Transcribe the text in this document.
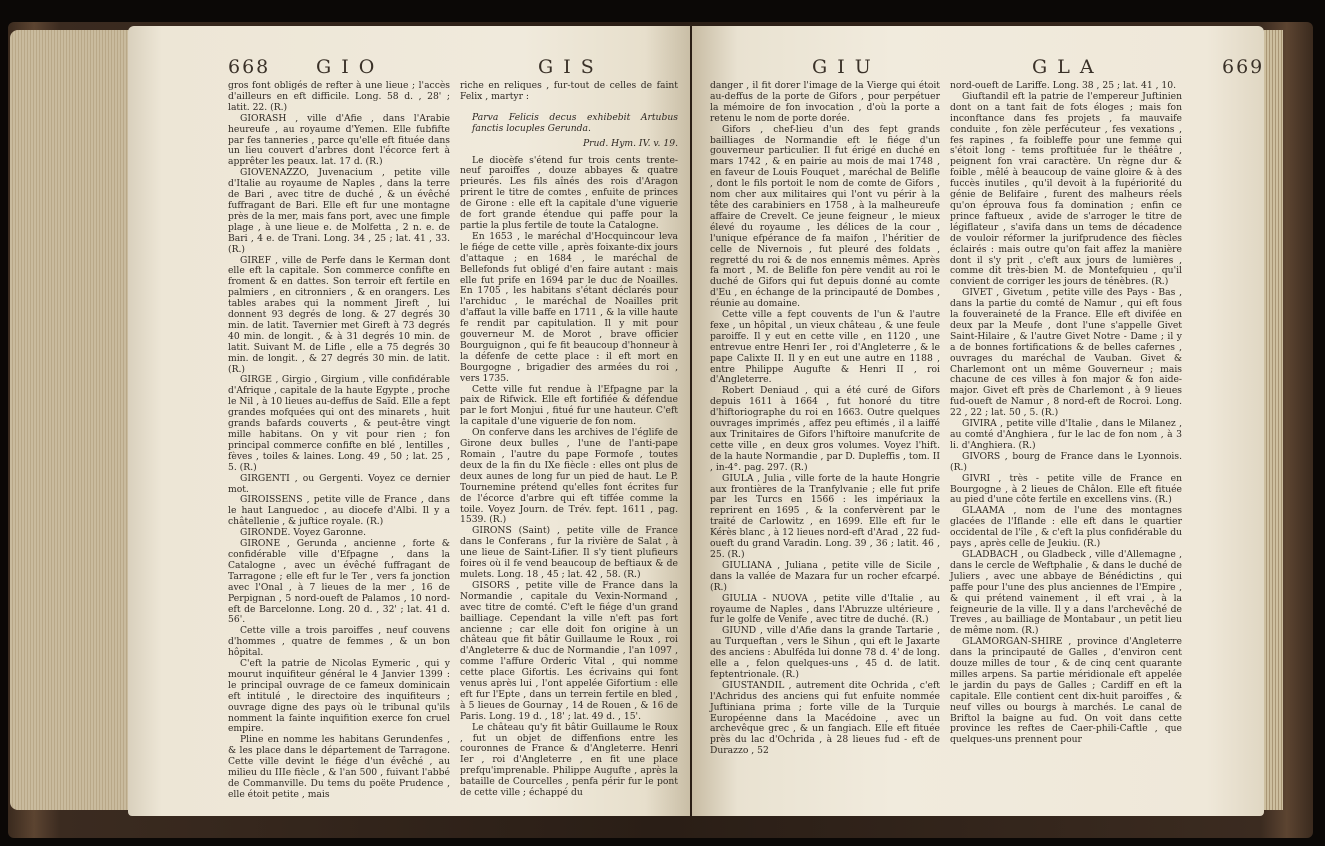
668 G I O	G I S

gros font obligés de refter à une lieue ; l'accès d'ailleurs en eft difficile. Long. 58 d. , 28' ; latit. 22. (R.)

GIORASH , ville d'Afie , dans l'Arabie heureufe , au royaume d'Yemen. Elle fubfifte par fes tanneries , parce qu'elle eft fituée dans un lieu couvert d'arbres dont l'écorce fert à apprêter les peaux. lat. 17 d. (R.)

GIOVENAZZO, Juvenacium , petite ville d'Italie au royaume de Naples , dans la terre de Bari , avec titre de duché , & un évêché fuffragant de Bari. Elle eft fur une montagne près de la mer, mais fans port, avec une fimple plage , à une lieue e. de Molfetta , 2 n. e. de Bari , 4 e. de Trani. Long. 34 , 25 ; lat. 41 , 33. (R.)

GIREF , ville de Perfe dans le Kerman dont elle eft la capitale. Son commerce confifte en froment & en dattes. Son terroir eft fertile en palmiers , en citronniers , & en orangers. Les tables arabes qui la nomment Jireft , lui donnent 93 degrés de long. & 27 degrés 30 min. de latit. Tavernier met Gireft à 73 degrés 40 min. de longit. , & à 31 degrés 10 min. de latit. Suivant M. de Lifle , elle a 75 degrés 30 min. de longit. , & 27 degrés 30 min. de latit. (R.)

GIRGE , Girgio , Girgium , ville confidérable d'Afrique , capitale de la haute Egypte , proche le Nil , à 10 lieues au-deffus de Saïd. Elle a fept grandes mofquées qui ont des minarets , huit grands bafards couverts , & peut-être vingt mille habitans. On y vit pour rien ; fon principal commerce confifte en blé , lentilles , fèves , toiles & laines. Long. 49 , 50 ; lat. 25 , 5. (R.)

GIRGENTI , ou Gergenti. Voyez ce dernier mot.

GIROISSENS , petite ville de France , dans le haut Languedoc , au diocefe d'Albi. Il y a châtellenie , & juftice royale. (R.)

GIRONDE. Voyez Garonne.

GIRONE , Gerunda , ancienne , forte & confidérable ville d'Efpagne , dans la Catalogne , avec un évêché fuffragant de Tarragone ; elle eft fur le Ter , vers fa jonction avec l'Onal , à 7 lieues de la mer , 16 de Perpignan , 5 nord-oueft de Palamos , 10 nord-eft de Barcelonne. Long. 20 d. , 32' ; lat. 41 d. 56'.

Cette ville a trois paroiffes , neuf couvens d'hommes , quatre de femmes , & un bon hôpital.

C'eft la patrie de Nicolas Eymeric , qui y mourut inquifiteur général le 4 Janvier 1399 : le principal ouvrage de ce fameux dominicain eft intitulé , le directoire des inquifiteurs ; ouvrage digne des pays où le tribunal qu'ils nomment la fainte inquifition exerce fon cruel empire.

Pline en nomme les habitans Gerundenfes , & les place dans le département de Tarragone. Cette ville devint le fiége d'un évêché , au milieu du IIIe fiècle , & l'an 500 , fuivant l'abbé de Commanville. Du tems du poëte Prudence , elle étoit petite , mais

riche en reliques , fur-tout de celles de faint Felix , martyr :

Parva Felicis decus exhibebit Artubus fanctis locuples Gerunda.

Prud. Hym. IV. v. 19.

Le diocèfe s'étend fur trois cents trente-neuf paroiffes , douze abbayes & quatre prieurés. Les fils aînés des rois d'Aragon prirent le titre de comtes , enfuite de princes de Girone : elle eft la capitale d'une viguerie de fort grande étendue qui paffe pour la partie la plus fertile de toute la Catalogne.

En 1653 , le maréchal d'Hocquincour leva le fiége de cette ville , après foixante-dix jours d'attaque ; en 1684 , le maréchal de Bellefonds fut obligé d'en faire autant : mais elle fut prife en 1694 par le duc de Noailles. En 1705 , les habitans s'étant déclarés pour l'archiduc , le maréchal de Noailles prit d'affaut la ville baffe en 1711 , & la ville haute fe rendit par capitulation. Il y mit pour gouverneur M. de Morot , brave officier Bourguignon , qui fe fit beaucoup d'honneur à la défenfe de cette place : il eft mort en Bourgogne , brigadier des armées du roi , vers 1735.

Cette ville fut rendue à l'Efpagne par la paix de Rifwick. Elle eft fortifiée & défendue par le fort Monjui , fitué fur une hauteur. C'eft la capitale d'une viguerie de fon nom.

On conferve dans les archives de l'églife de Girone deux bulles , l'une de l'anti-pape Romain , l'autre du pape Formofe , toutes deux de la fin du IXe fiècle : elles ont plus de deux aunes de long fur un pied de haut. Le P. Tournemine prétend qu'elles font écrites fur de l'écorce d'arbre qui eft tiffée comme la toile. Voyez Journ. de Trév. fept. 1611 , pag. 1539. (R.)

GIRONS (Saint) , petite ville de France dans le Conferans , fur la rivière de Salat , à une lieue de Saint-Lifier. Il s'y tient plufieurs foires où il fe vend beaucoup de beftiaux & de mulets. Long. 18 , 45 ; lat. 42 , 58. (R.)

GISORS , petite ville de France dans la Normandie , capitale du Vexin-Normand , avec titre de comté. C'eft le fiége d'un grand bailliage. Cependant la ville n'eft pas fort ancienne ; car elle doit fon origine à un château que fit bâtir Guillaume le Roux , roi d'Angleterre & duc de Normandie , l'an 1097 , comme l'affure Orderic Vital , qui nomme cette place Gifortis. Les écrivains qui font venus après lui , l'ont appelée Gifortium : elle eft fur l'Epte , dans un terrein fertile en bled , à 5 lieues de Gournay , 14 de Rouen , & 16 de Paris. Long. 19 d. , 18' ; lat. 49 d. , 15'.

Le château qu'y fit bâtir Guillaume le Roux , fut un objet de diffenfions entre les couronnes de France & d'Angleterre. Henri Ier , roi d'Angleterre , en fit une place prefqu'imprenable. Philippe Augufte , après la bataille de Courcelles , penfa périr fur le pont de cette ville ; échappé du

G I U	G L A	669

danger , il fit dorer l'image de la Vierge qui étoit au-deffus de la porte de Gifors , pour perpétuer la mémoire de fon invocation , d'où la porte a retenu le nom de porte dorée.

Gifors , chef-lieu d'un des fept grands bailliages de Normandie eft le fiége d'un gouverneur particulier. Il fut érigé en duché en mars 1742 , & en pairie au mois de mai 1748 , en faveur de Louis Fouquet , maréchal de Belifle , dont le fils portoit le nom de comte de Gifors , nom cher aux militaires qui l'ont vu périr à la tête des carabiniers en 1758 , à la malheureufe affaire de Crevelt. Ce jeune feigneur , le mieux élevé du royaume , les délices de la cour , l'unique efpérance de fa maifon , l'héritier de celle de Nivernois , fut pleuré des foldats , regretté du roi & de nos ennemis mêmes. Après fa mort , M. de Belifle fon père vendit au roi le duché de Gifors qui fut depuis donné au comte d'Eu , en échange de la principauté de Dombes , réunie au domaine.

Cette ville a fept couvents de l'un & l'autre fexe , un hôpital , un vieux château , & une feule paroiffe. Il y eut en cette ville , en 1120 , une entrevue entre Henri Ier , roi d'Angleterre , & le pape Calixte II. Il y en eut une autre en 1188 , entre Philippe Augufte & Henri II , roi d'Angleterre.

Robert Deniaud , qui a été curé de Gifors depuis 1611 à 1664 , fut honoré du titre d'hiftoriographe du roi en 1663. Outre quelques ouvrages imprimés , affez peu eftimés , il a laiffé aux Trinitaires de Gifors l'hiftoire manufcrite de cette ville , en deux gros volumes. Voyez l'hift. de la haute Normandie , par D. Dupleffis , tom. II , in-4°. pag. 297. (R.)

GIULA , Julia , ville forte de la haute Hongrie aux frontières de la Tranfylvanie ; elle fut prife par les Turcs en 1566 : les impériaux la reprirent en 1695 , & la confervèrent par le traité de Carlowitz , en 1699. Elle eft fur le Kérès blanc , à 12 lieues nord-eft d'Arad , 22 fud-oueft du grand Varadin. Long. 39 , 36 ; latit. 46 , 25. (R.)

GIULIANA , Juliana , petite ville de Sicile , dans la vallée de Mazara fur un rocher efcarpé. (R.)

GIULIA - NUOVA , petite ville d'Italie , au royaume de Naples , dans l'Abruzze ultérieure , fur le golfe de Venife , avec titre de duché. (R.)

GIUND , ville d'Afie dans la grande Tartarie , au Turqueftan , vers le Sihun , qui eft le Jaxarte des anciens : Abulféda lui donne 78 d. 4' de long. elle a , felon quelques-uns , 45 d. de latit. feptentrionale. (R.)

GIUSTANDIL , autrement dite Ochrida , c'eft l'Achridus des anciens qui fut enfuite nommée Juftiniana prima ; forte ville de la Turquie Européenne dans la Macédoine , avec un archevêque grec , & un fangiach. Elle eft fituée près du lac d'Ochrida , à 28 lieues fud - eft de Durazzo , 52

nord-oueft de Lariffe. Long. 38 , 25 ; lat. 41 , 10.

Giuftandil eft la patrie de l'empereur Juftinien dont on a tant fait de fots éloges ; mais fon inconftance dans fes projets , fa mauvaife conduite , fon zèle perfécuteur , fes vexations , fes rapines , fa foibleffe pour une femme qui s'étoit long - tems proftituée fur le théâtre , peignent fon vrai caractère. Un règne dur & foible , mêlé à beaucoup de vaine gloire & à des fuccès inutiles , qu'il devoit à la fupériorité du génie de Belifaire , furent des malheurs réels qu'on éprouva fous fa domination ; enfin ce prince faftueux , avide de s'arroger le titre de légiflateur , s'avifa dans un tems de décadence de vouloir réformer la jurifprudence des fiècles éclairés : mais outre qu'on fait affez la manière dont il s'y prit , c'eft aux jours de lumières , comme dit très-bien M. de Montefquieu , qu'il convient de corriger les jours de ténèbres. (R.)

GIVET , Givetum , petite ville des Pays - Bas , dans la partie du comté de Namur , qui eft fous la fouveraineté de la France. Elle eft divifée en deux par la Meufe , dont l'une s'appelle Givet Saint-Hilaire , & l'autre Givet Notre - Dame ; il y a de bonnes fortifications & de belles cafernes , ouvrages du maréchal de Vauban. Givet & Charlemont ont un même Gouverneur ; mais chacune de ces villes à fon major & fon aide-major. Givet eft près de Charlemont , à 9 lieues fud-oueft de Namur , 8 nord-eft de Rocroi. Long. 22 , 22 ; lat. 50 , 5. (R.)

GIVIRA , petite ville d'Italie , dans le Milanez , au comté d'Anghiera , fur le lac de fon nom , à 3 li. d'Anghiera. (R.)

GIVORS , bourg de France dans le Lyonnois. (R.)

GIVRI , très - petite ville de France en Bourgogne , à 2 lieues de Châlon. Elle eft fituée au pied d'une côte fertile en excellens vins. (R.)

GLAAMA , nom de l'une des montagnes glacées de l'Iflande : elle eft dans le quartier occidental de l'île , & c'eft la plus confidérable du pays , après celle de Jeukiu. (R.)

GLADBACH , ou Gladbeck , ville d'Allemagne , dans le cercle de Weftphalie , & dans le duché de Juliers , avec une abbaye de Bénédictins , qui paffe pour l'une des plus anciennes de l'Empire , & qui prétend vainement , il eft vrai , à la feigneurie de la ville. Il y a dans l'archevêché de Treves , au bailliage de Montabaur , un petit lieu de même nom. (R.)

GLAMORGAN-SHIRE , province d'Angleterre dans la principauté de Galles , d'environ cent douze milles de tour , & de cinq cent quarante milles arpens. Sa partie méridionale eft appelée le jardin du pays de Galles ; Cardiff en eft la capitale. Elle contient cent dix-huit paroiffes , & neuf villes ou bourgs à marchés. Le canal de Briftol la baigne au fud. On voit dans cette province les reftes de Caer-phili-Caftle , que quelques-uns prennent pour
